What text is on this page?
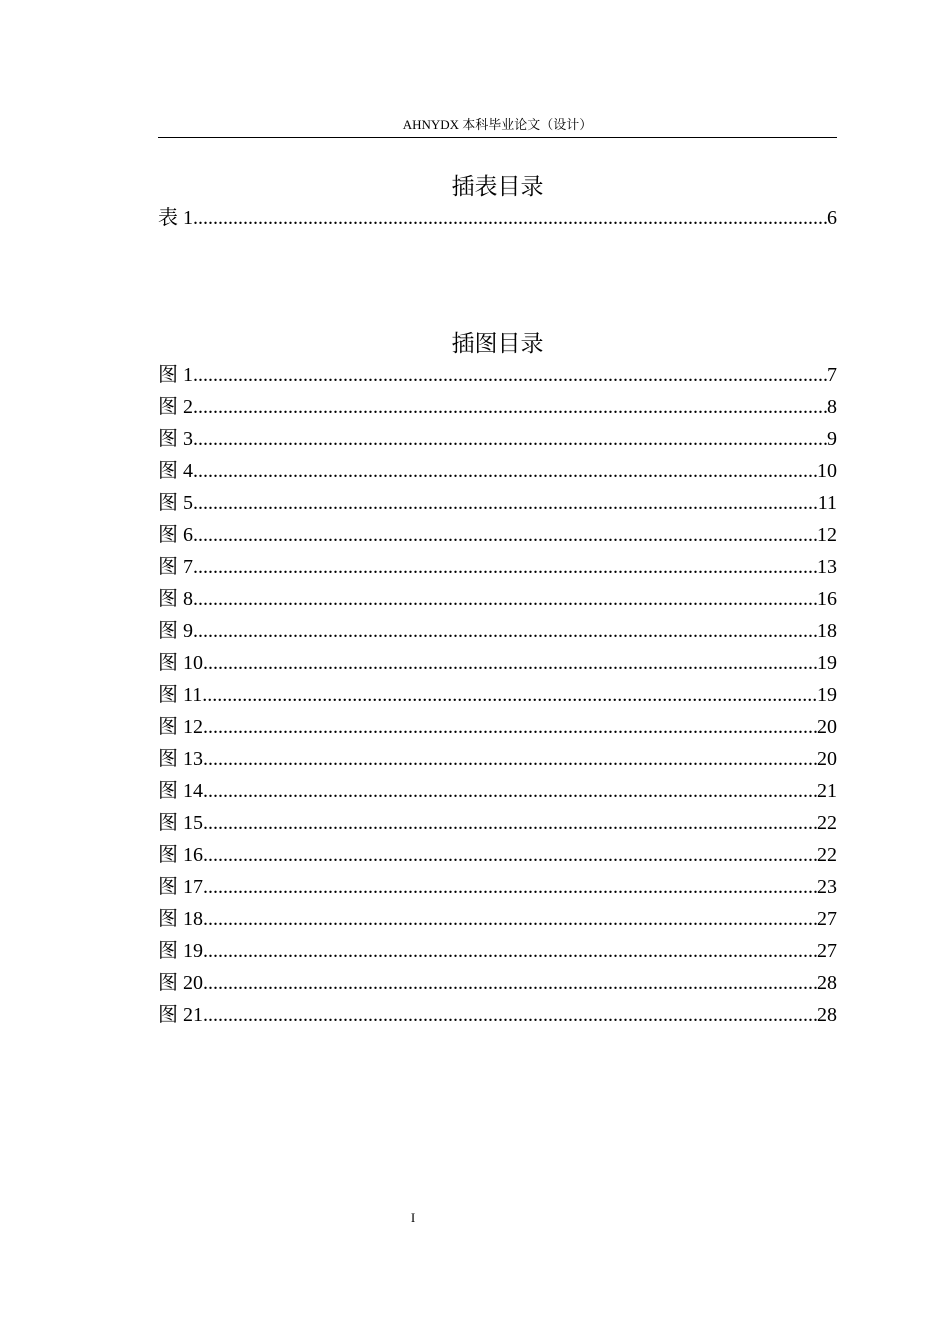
AHNYDX 本科毕业论文（设计）
插表目录
表 1 .....	6
插图目录
图 1 .....	7
图 2 .....	8
图 3 .....	9
图 4 .....	10
图 5 .....	11
图 6 .....	12
图 7 .....	13
图 8 .....	16
图 9 .....	18
图 10 .....	19
图 11 .....	19
图 12 .....	20
图 13 .....	20
图 14 .....	21
图 15 .....	22
图 16 .....	22
图 17 .....	23
图 18 .....	27
图 19 .....	27
图 20 .....	28
图 21 .....	28
I
